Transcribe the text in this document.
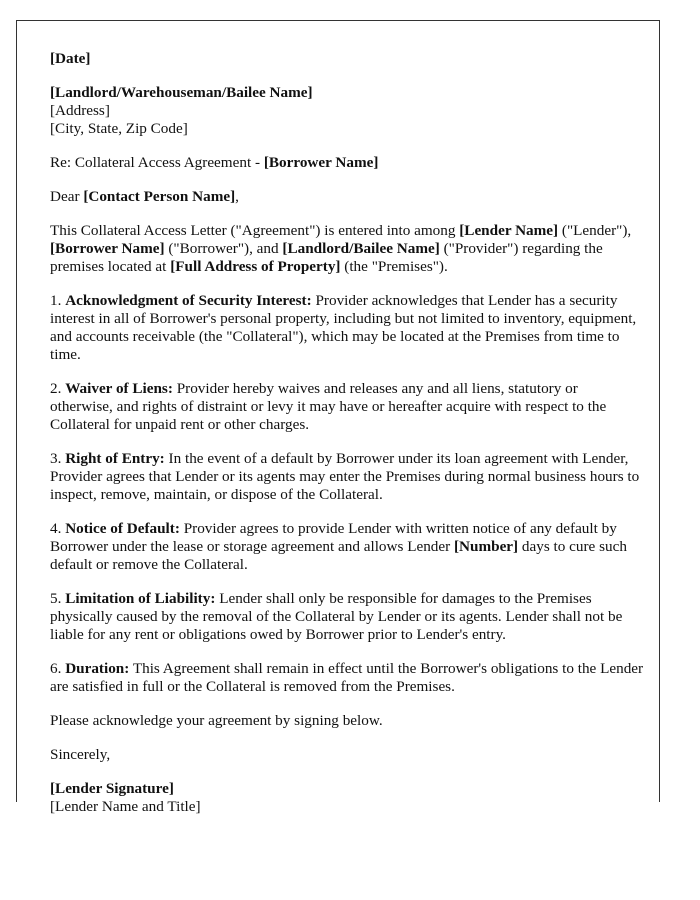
[Date]

[Landlord/Warehouseman/Bailee Name]
[Address]
[City, State, Zip Code]

Re: Collateral Access Agreement - [Borrower Name]

Dear [Contact Person Name],

This Collateral Access Letter ("Agreement") is entered into among [Lender Name] ("Lender"), [Borrower Name] ("Borrower"), and [Landlord/Bailee Name] ("Provider") regarding the premises located at [Full Address of Property] (the "Premises").

1. Acknowledgment of Security Interest: Provider acknowledges that Lender has a security interest in all of Borrower's personal property, including but not limited to inventory, equipment, and accounts receivable (the "Collateral"), which may be located at the Premises from time to time.

2. Waiver of Liens: Provider hereby waives and releases any and all liens, statutory or otherwise, and rights of distraint or levy it may have or hereafter acquire with respect to the Collateral for unpaid rent or other charges.

3. Right of Entry: In the event of a default by Borrower under its loan agreement with Lender, Provider agrees that Lender or its agents may enter the Premises during normal business hours to inspect, remove, maintain, or dispose of the Collateral.

4. Notice of Default: Provider agrees to provide Lender with written notice of any default by Borrower under the lease or storage agreement and allows Lender [Number] days to cure such default or remove the Collateral.

5. Limitation of Liability: Lender shall only be responsible for damages to the Premises physically caused by the removal of the Collateral by Lender or its agents. Lender shall not be liable for any rent or obligations owed by Borrower prior to Lender's entry.

6. Duration: This Agreement shall remain in effect until the Borrower's obligations to the Lender are satisfied in full or the Collateral is removed from the Premises.

Please acknowledge your agreement by signing below.

Sincerely,

[Lender Signature]
[Lender Name and Title]
